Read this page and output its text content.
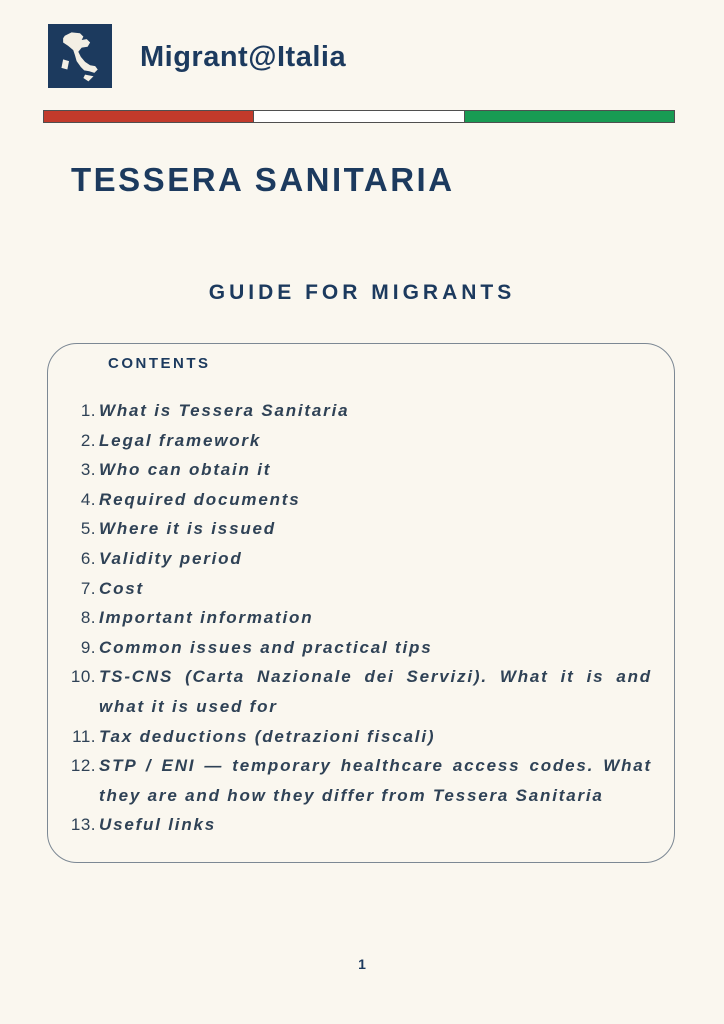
Migrant@Italia
TESSERA SANITARIA
GUIDE FOR MIGRANTS
CONTENTS
1. What is Tessera Sanitaria
2. Legal framework
3. Who can obtain it
4. Required documents
5. Where it is issued
6. Validity period
7. Cost
8. Important information
9. Common issues and practical tips
10. TS-CNS (Carta Nazionale dei Servizi). What it is and what it is used for
11. Tax deductions (detrazioni fiscali)
12. STP / ENI — temporary healthcare access codes. What they are and how they differ from Tessera Sanitaria
13. Useful links
1
